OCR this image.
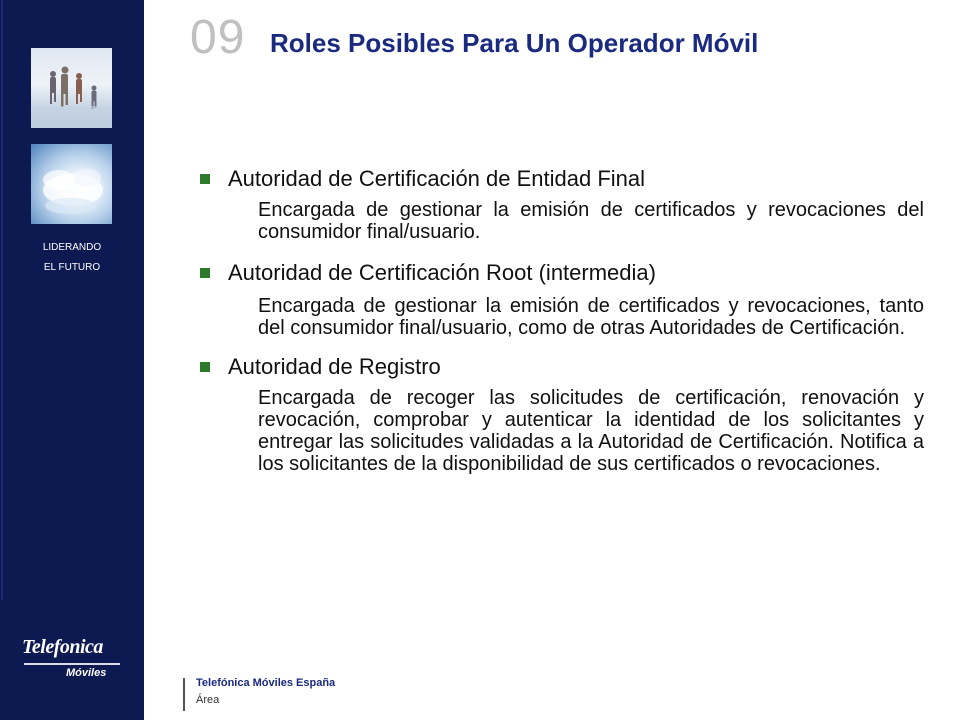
LIDERANDO
EL FUTURO
Telefonica
Móviles
09 Roles Posibles Para Un Operador Móvil
Autoridad de Certificación de Entidad Final
Encargada de gestionar la emisión de certificados y revocaciones del consumidor final/usuario.
Autoridad de Certificación Root (intermedia)
Encargada de gestionar la emisión de certificados y revocaciones, tanto del consumidor final/usuario, como de otras Autoridades de Certificación.
Autoridad de Registro
Encargada de recoger las solicitudes de certificación, renovación y revocación, comprobar y autenticar la identidad de los solicitantes y entregar las solicitudes validadas a la Autoridad de Certificación. Notifica a los solicitantes de la disponibilidad de sus certificados o revocaciones.
Telefónica Móviles España
Área
